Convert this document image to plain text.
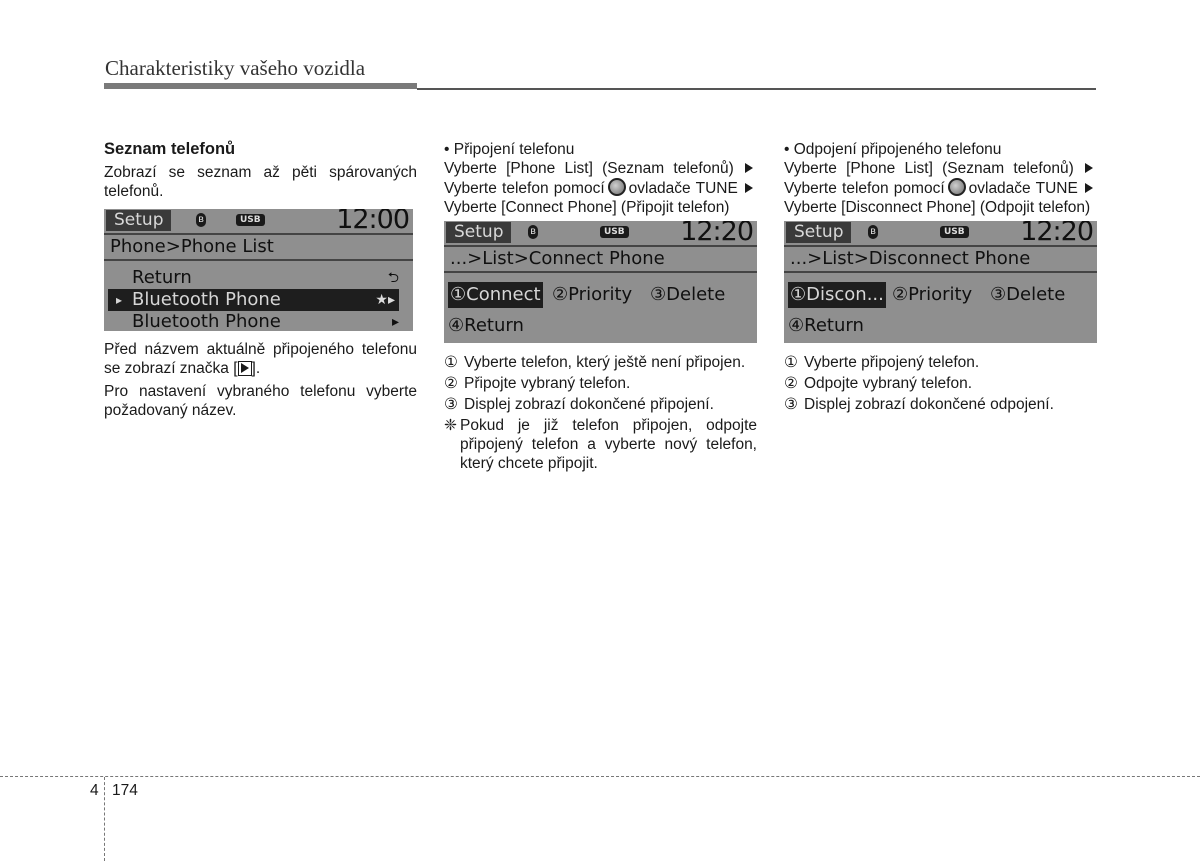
Charakteristiky vašeho vozidla
Seznam telefonů
Zobrazí se seznam až pěti spárovaných telefonů.
Setup	ʙ	USB	12:00
Phone>Phone List
Return	⮌
▸ Bluetooth Phone	★▸
Bluetooth Phone	▸
Před názvem aktuálně připojeného telefonu se zobrazí značka [ ].
Pro nastavení vybraného telefonu vyberte požadovaný název.
• Připojení telefonu
Vyberte [Phone List] (Seznam telefonů) Vyberte telefon pomocí ovladače TUNE Vyberte [Connect Phone] (Připojit telefon)
Setup	ʙ	USB 12:20
...>List>Connect Phone
①Connect ②Priority ③Delete
④Return
① Vyberte telefon, který ještě není připojen.
② Připojte vybraný telefon.
③ Displej zobrazí dokončené připojení.
❈ Pokud je již telefon připojen, odpojte připojený telefon a vyberte nový telefon, který chcete připojit.
• Odpojení připojeného telefonu
Vyberte [Phone List] (Seznam telefonů) Vyberte telefon pomocí ovladače TUNE Vyberte [Disconnect Phone] (Odpojit telefon)
Setup	ʙ	USB 12:20
...>List>Disconnect Phone
①Discon... ②Priority ③Delete
④Return
① Vyberte připojený telefon.
② Odpojte vybraný telefon.
③ Displej zobrazí dokončené odpojení.
4 174
